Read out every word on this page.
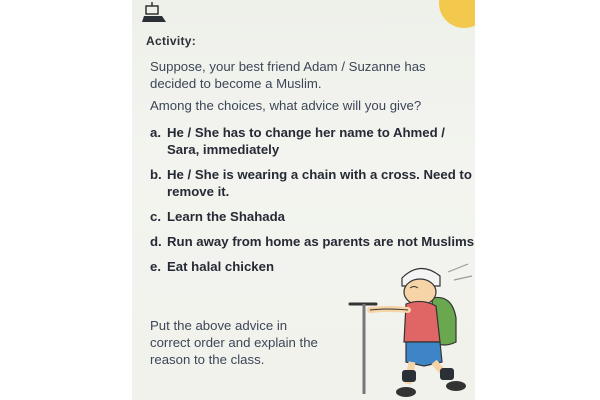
Activity:
Suppose, your best friend Adam / Suzanne has decided to become a Muslim.
Among the choices, what advice will you give?
a. He / She has to change her name to Ahmed / Sara, immediately
b. He / She is wearing a chain with a cross. Need to remove it.
c. Learn the Shahada
d. Run away from home as parents are not Muslims
e. Eat halal chicken
Put the above advice in correct order and explain the reason to the class.
